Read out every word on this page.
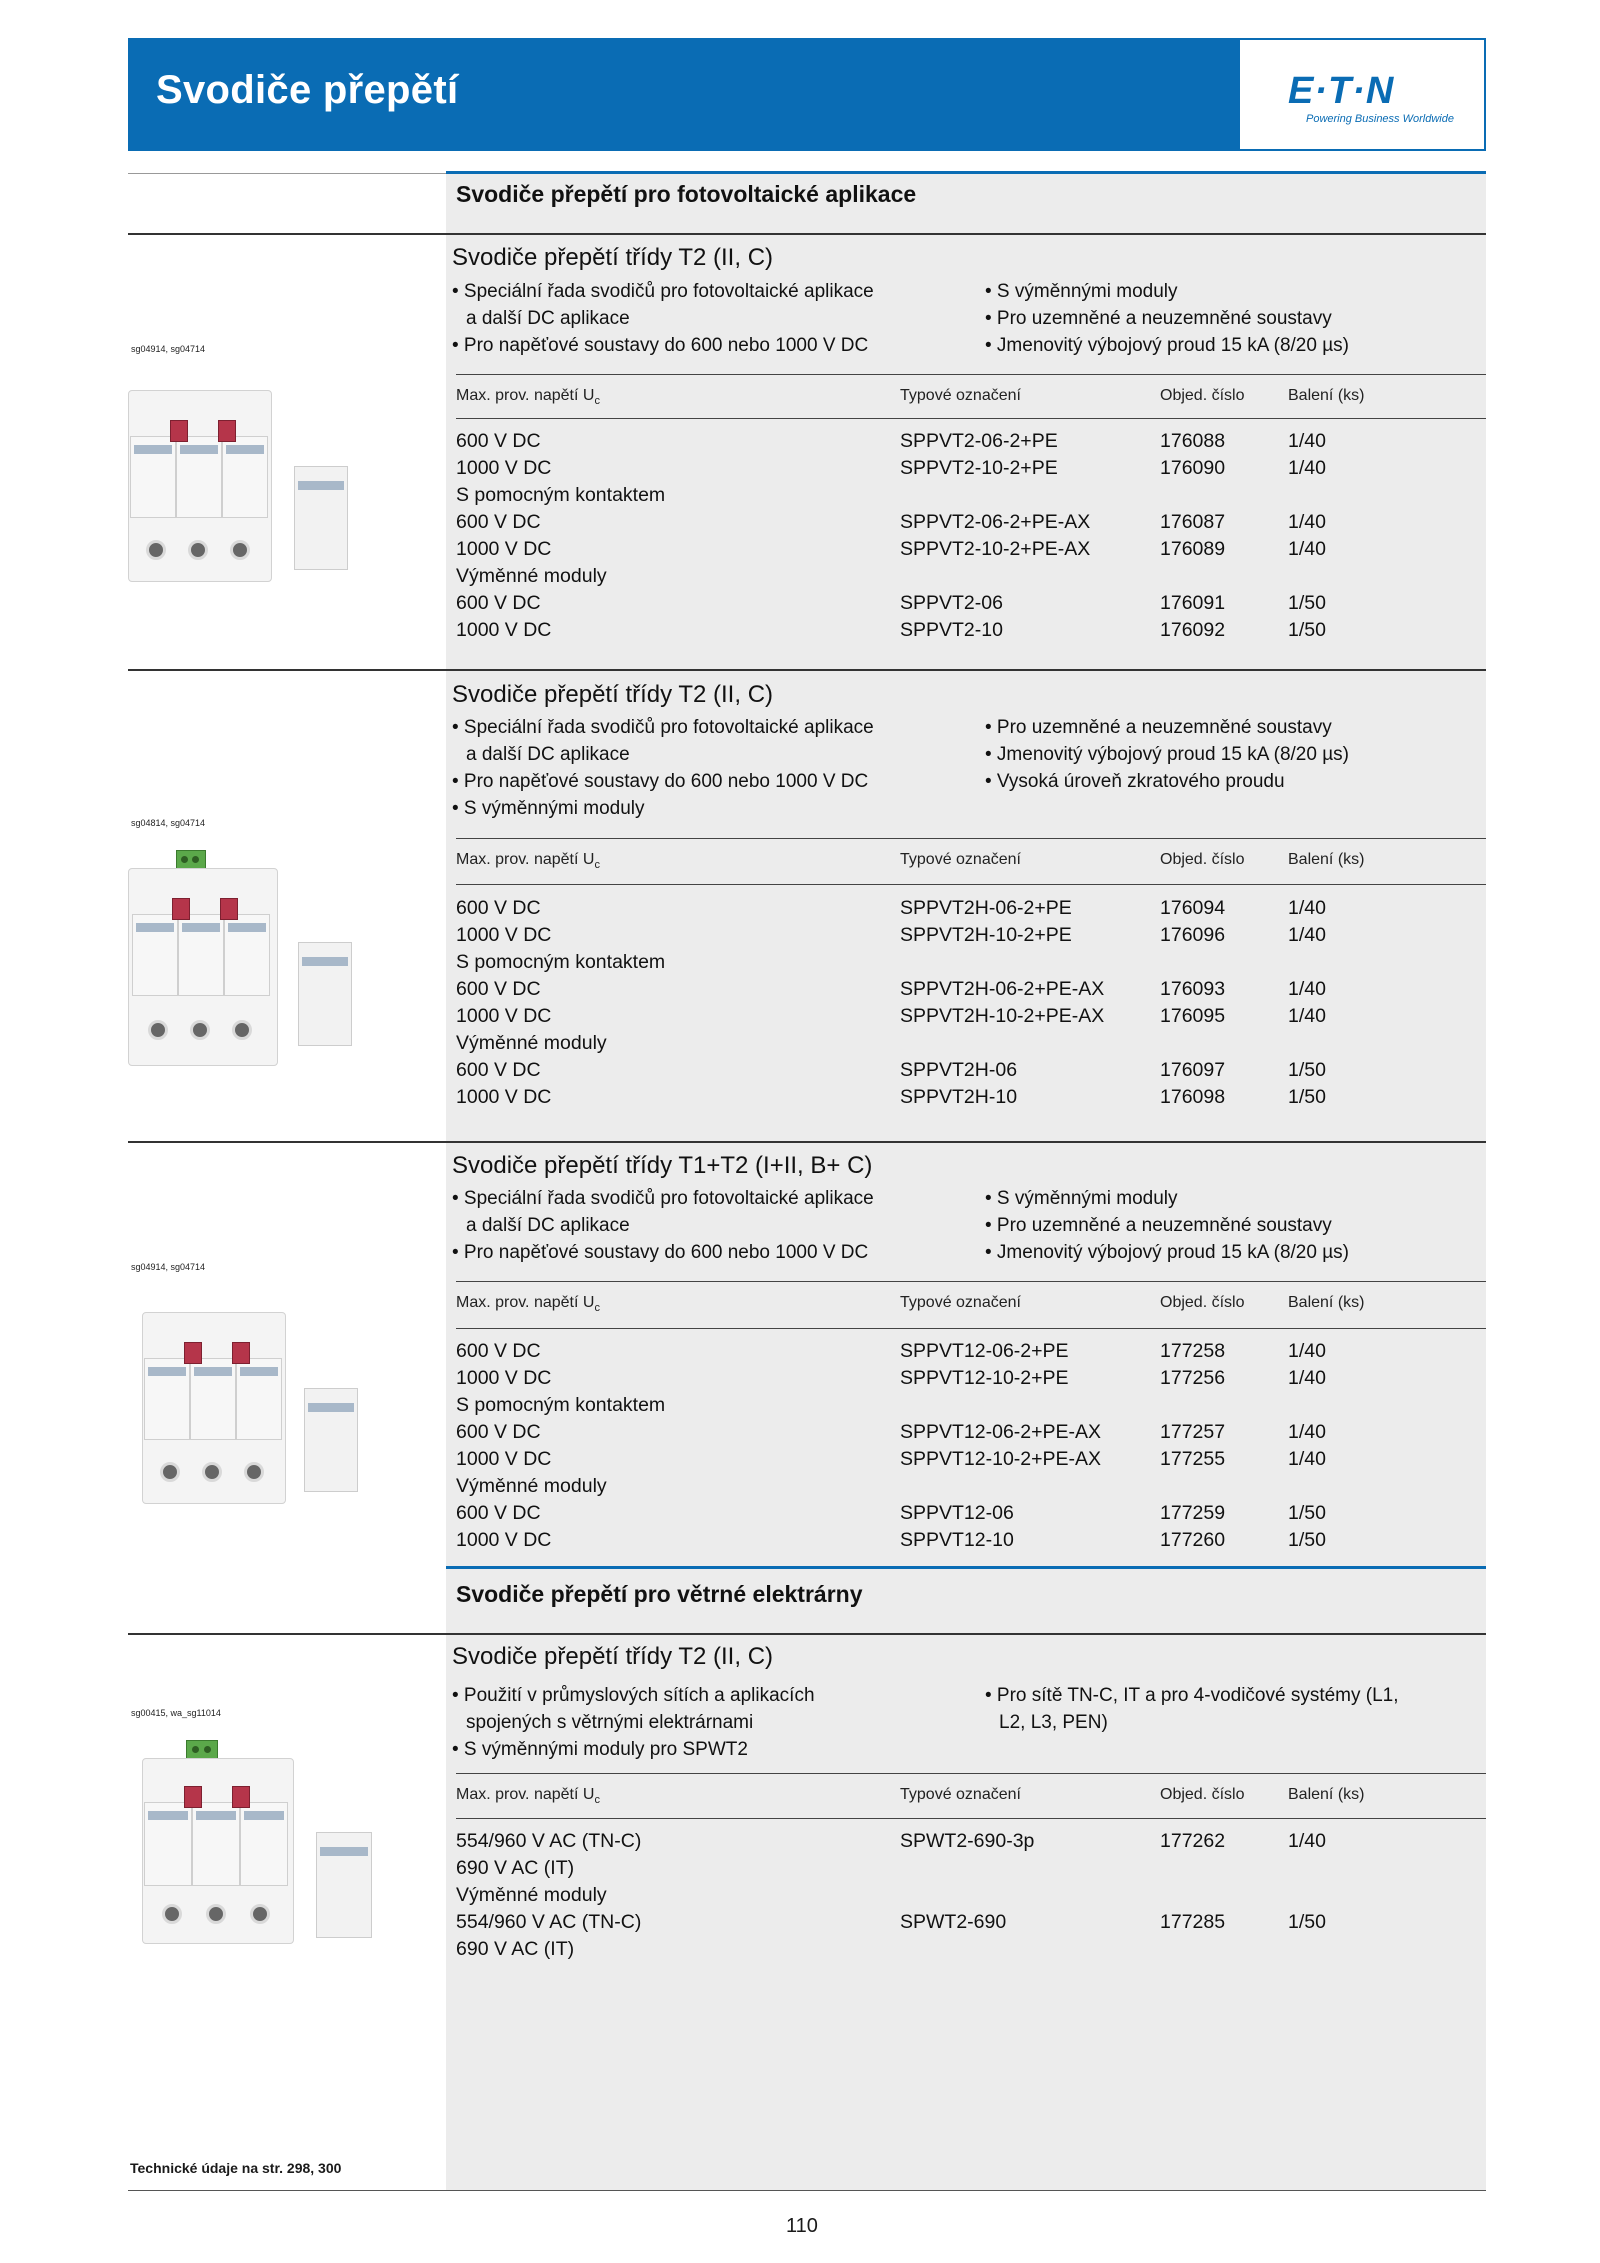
Svodiče přepětí	E·T·N
Powering Business Worldwide
Svodiče přepětí pro fotovoltaické aplikace
sg04914, sg04714
Svodiče přepětí třídy T2 (II, C)
• Speciální řada svodičů pro fotovoltaické aplikace
a další DC aplikace
• Pro napěťové soustavy do 600 nebo 1000 V DC
• S výměnnými moduly
• Pro uzemněné a neuzemněné soustavy
• Jmenovitý výbojový proud 15 kA (8/20 µs)
Max. prov. napětí $U_c$	Typové označení	Objed. číslo	Balení (ks)
600 V DC	SPPVT2-06-2+PE	176088	1/40
1000 V DC	SPPVT2-10-2+PE	176090	1/40
S pomocným kontaktem
600 V DC	SPPVT2-06-2+PE-AX	176087	1/40
1000 V DC	SPPVT2-10-2+PE-AX	176089	1/40
Výměnné moduly
600 V DC	SPPVT2-06	176091	1/50
1000 V DC	SPPVT2-10	176092	1/50
sg04814, sg04714
Svodiče přepětí třídy T2 (II, C)
• Speciální řada svodičů pro fotovoltaické aplikace
a další DC aplikace
• Pro napěťové soustavy do 600 nebo 1000 V DC
• S výměnnými moduly
• Pro uzemněné a neuzemněné soustavy
• Jmenovitý výbojový proud 15 kA (8/20 µs)
• Vysoká úroveň zkratového proudu
Max. prov. napětí $U_c$	Typové označení	Objed. číslo	Balení (ks)
600 V DC	SPPVT2H-06-2+PE	176094	1/40
1000 V DC	SPPVT2H-10-2+PE	176096	1/40
S pomocným kontaktem
600 V DC	SPPVT2H-06-2+PE-AX	176093	1/40
1000 V DC	SPPVT2H-10-2+PE-AX	176095	1/40
Výměnné moduly
600 V DC	SPPVT2H-06	176097	1/50
1000 V DC	SPPVT2H-10	176098	1/50
sg04914, sg04714
Svodiče přepětí třídy T1+T2 (I+II, B+ C)
• Speciální řada svodičů pro fotovoltaické aplikace
a další DC aplikace
• Pro napěťové soustavy do 600 nebo 1000 V DC
• S výměnnými moduly
• Pro uzemněné a neuzemněné soustavy
• Jmenovitý výbojový proud 15 kA (8/20 µs)
Max. prov. napětí $U_c$	Typové označení	Objed. číslo	Balení (ks)
600 V DC	SPPVT12-06-2+PE	177258	1/40
1000 V DC	SPPVT12-10-2+PE	177256	1/40
S pomocným kontaktem
600 V DC	SPPVT12-06-2+PE-AX	177257	1/40
1000 V DC	SPPVT12-10-2+PE-AX	177255	1/40
Výměnné moduly
600 V DC	SPPVT12-06	177259	1/50
1000 V DC	SPPVT12-10	177260	1/50
Svodiče přepětí pro větrné elektrárny
sg00415, wa_sg11014
Svodiče přepětí třídy T2 (II, C)
• Použití v průmyslových sítích a aplikacích
spojených s větrnými elektrárnami
• S výměnnými moduly pro SPWT2
• Pro sítě TN-C, IT a pro 4-vodičové systémy (L1,
L2, L3, PEN)
Max. prov. napětí $U_c$	Typové označení	Objed. číslo	Balení (ks)
554/960 V AC (TN-C)	SPWT2-690-3p	177262	1/40
690 V AC (IT)
Výměnné moduly
554/960 V AC (TN-C)	SPWT2-690	177285	1/50
690 V AC (IT)
Technické údaje na str. 298, 300
110
